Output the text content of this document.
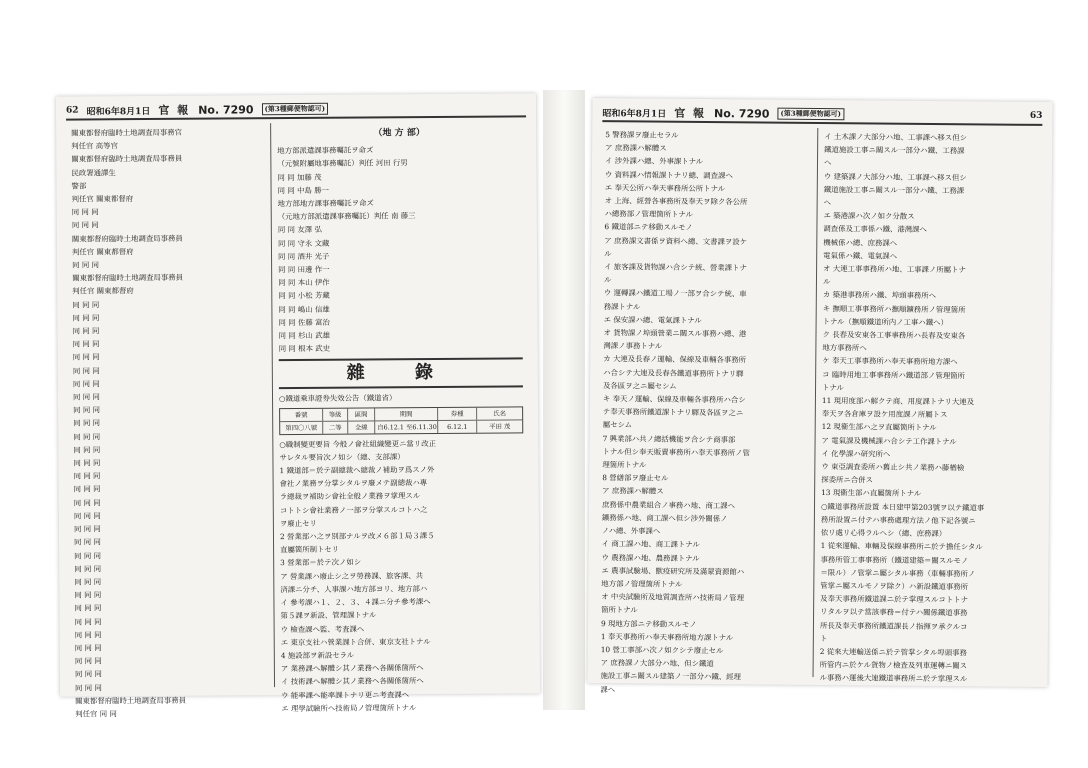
62 昭和6年8月1日 官 報 No. 7290	(第3種郵便物認可)
關東都督府臨時土地調査局事務官
判任官 高等官
關東都督府臨時土地調査局事務員
民政署通譯生
警部
判任官 關東都督府
同 同 同
同 同 同
關東都督府臨時土地調査局事務員
判任官 關東都督府
同 同 同
關東都督府臨時土地調査局事務員
判任官 關東都督府
同 同 同
同 同 同
同 同 同
同 同 同
同 同 同
同 同 同
同 同 同
同 同 同
同 同 同
同 同 同
同 同 同
同 同 同
同 同 同
同 同 同
同 同 同
同 同 同
同 同 同
同 同 同
同 同 同
同 同 同
同 同 同
同 同 同
同 同 同
同 同 同
同 同 同
同 同 同
同 同 同
同 同 同
同 同 同
同 同 同
關東都督府臨時土地調査局事務員
判任官 同 同
（地 方 部）
地方部派遣課事務囑託ヲ命ズ
（元號附屬地事務囑託）判任 河田 行男
同 同 加藤 茂
同 同 中島 勝一
地方部地方課事務囑託ヲ命ズ
（元地方部派遣課事務囑託）判任 南 藤三
同 同 友澤 弘
同 同 守永 文藏
同 同 酒井 光子
同 同 田邊 作一
同 同 本山 伊作
同 同 小松 芳藏
同 同 嶋山 信雄
同 同 佐藤 富治
同 同 杉山 武雄
同 同 根本 武史
雜 錄
○鐵道乘車證券失效公告（鐵道省）
番號	等級	區間	期間	券種	氏名
第四〇八號	二等	全線	自6.12.1 至6.11.30	6.12.1	平田 茂
○職制變更要旨 今般ノ會社組織變更ニ當リ改正
サレタル要旨次ノ如シ（總、支部課）
1 鐵道部＝於テ副總裁ヘ總裁ノ補助ヲ爲スノ外
會社ノ業務ヲ分掌シタルヲ廢メテ副總裁ハ專
ラ總裁ヲ補助シ會社全般ノ業務ヲ掌理スル
コトトシ會社業務ノ一部ヲ分掌スルコトハ之
ヲ廢止セリ
2 營業部ハ之ヲ別部ナルヲ改メ６部１局３課５
直屬箇所制トセリ
3 營業部＝於テ次ノ如シ
ア 營業課ハ廢止シ之ヲ勞務課、旅客課、共
済課ニ分チ、人事課ハ地方部ヨリ、地方部ハ
イ 參考課ハ１、２、３、４課ニ分チ參考課ヘ
第５課ヲ新設、管理課トナル
ウ 檢查課ヘ監、考査課ヘ
エ 東京支社ハ營業課ト合併、東京支社トナル
4 施設部ヲ新設セラル
ア 業務課ヘ解體シ其ノ業務ヘ各關係箇所ヘ
イ 技術課ヘ解體シ其ノ業務ヘ各關係箇所ヘ
ウ 能率課ヘ能率課トナリ更ニ考査課ヘ
エ 理學試驗所ヘ技術局ノ管理箇所トナル
昭和6年8月1日 官 報 No. 7290	(第3種郵便物認可)	63
5 警務課ヲ廢止セラル
ア 庶務課ハ解體ス
イ 涉外課ハ總、外事課トナル
ウ 資料課ハ情報課トナリ總、調査課ヘ
エ 奉天公所ハ奉天事務所公所トナル
オ 上海、經營各事務所及奉天ヲ除ク各公所
ハ總務部ノ管理箇所トナル
6 鐵道部ニテ移動スルモノ
ア 庶務課文書係ヲ資料ヘ總、文書課ヲ設ケ
ル
イ 旅客課及貨物課ハ合シテ統、營業課トナ
ル
ウ 運轉課ハ鐵道工場ノ一部ヲ合シテ統、車
務課トナル
エ 保安課ハ總、電氣課トナル
オ 貨物課ノ埠頭營業ニ關スル事務ハ總、港
灣課ノ事務トナル
カ 大連及長春ノ運輸、保線及車輛各事務所
ハ合シテ大連及長春各鐵道事務所トナリ驛
及各區ヲ之ニ屬セシム
キ 奉天ノ運輸、保線及車輛各事務所ハ合シ
テ奉天事務所鐵道課トナリ驛及各區ヲ之ニ
屬セシム
7 興業部ハ共ノ總括機能ヲ合シテ商事部
トナル但シ奉天販賣事務所ハ奉天事務所ノ管
理箇所トナル
8 營繕部ヲ廢止セル
ア 庶務課ハ解體ス
庶務係中農業組合ノ事務ハ地、商工課ヘ
鑛務係ハ地、商工課ヘ但シ涉外關係ノ
ノハ總、外事課ヘ
イ 商工課ハ地、商工課トナル
ウ 農務課ハ地、農務課トナル
エ 農事試驗場、獸疫研究所及滿蒙資源館ハ
地方部ノ管理箇所トナル
オ 中央試驗所及地質調査所ハ技術局ノ管理
箇所トナル
9 現地方部ニテ移動スルモノ
1 奉天事務所ハ奉天事務所地方課トナル
10 營工事部ハ次ノ如クシテ廢止セル
ア 庶務課ノ大部分ハ地、但シ鐵道
施設工事ニ關スル建築ノ一部分ハ鐵、經理
課ヘ
イ 土木課ノ大部分ハ地、工事課ヘ移ス但シ
鐵道施設工事ニ關スル一部分ハ鐵、工務課
ヘ
ウ 建築課ノ大部分ハ地、工事課ヘ移ス但シ
鐵道施設工事ニ關スル一部分ハ鐵、工務課
ヘ
エ 築港課ハ次ノ如ク分散ス
調査係及工事係ハ鐵、港灣課ヘ
機械係ハ總、庶務課ヘ
電氣係ハ鐵、電氣課ヘ
オ 大連工事事務所ハ地、工事課ノ所屬トナ
ル
カ 築港事務所ハ鐵、埠頭事務所ヘ
キ 撫順工事事務所ハ撫順鑛務所ノ管理箇所
トナル（撫順鐵道所内ノ工事ハ鐵ヘ）
ク 長春及安東各工事事務所ハ長春及安東各
地方事務所ヘ
ケ 奉天工事事務所ハ奉天事務所地方課ヘ
コ 臨時用地工事事務所ハ鐵道部ノ管理箇所
トナル
11 現用度部ハ解クテ商、用度課トナリ大連及
奉天ヲ各倉庫ヲ設ケ用度課ノ所屬トス
12 現衞生部ハ之ヲ直屬箇所トナル
ア 電氣課及機械課ハ合シテ工作課トナル
イ 化學課ハ研究所ヘ
ウ 東亞調査委所ハ舊止シ共ノ業務ハ藤楢檢
探委所ニ合併ス
13 現衞生部ハ直屬箇所トナル
○鐵道事務所設置 本日建甲第203號ヲ以テ鐵道事
務所設置ニ付テハ事務處理方法ノ他下記各號ニ
依リ處リ心得ラルヘシ（總、庶務課）
1 從來運輸、車輛及保線事務所ニ於テ擔任シタル
事務所管工事事務所（鐵道建築＝關スルモノ
＝限ル）ノ管掌ニ屬シタル事務（車輛事務所ノ
管掌ニ屬スルモノヲ除ク）ハ新設鐵道事務所
及奉天事務所鐵道課ニ於テ掌理スルコトトナ
リタルヲ以テ當該事務＝付テハ關係鐵道事務
所長及奉天事務所鐵道課長ノ指揮ヲ承クルコ
ト
2 從來大連輸送係ニ於テ管掌シタル埠頭事務
所管内ニ於ケル貨物ノ檢査及列車運轉ニ關ス
ル事務ハ運後大連鐵道事務所ニ於テ掌理スル
